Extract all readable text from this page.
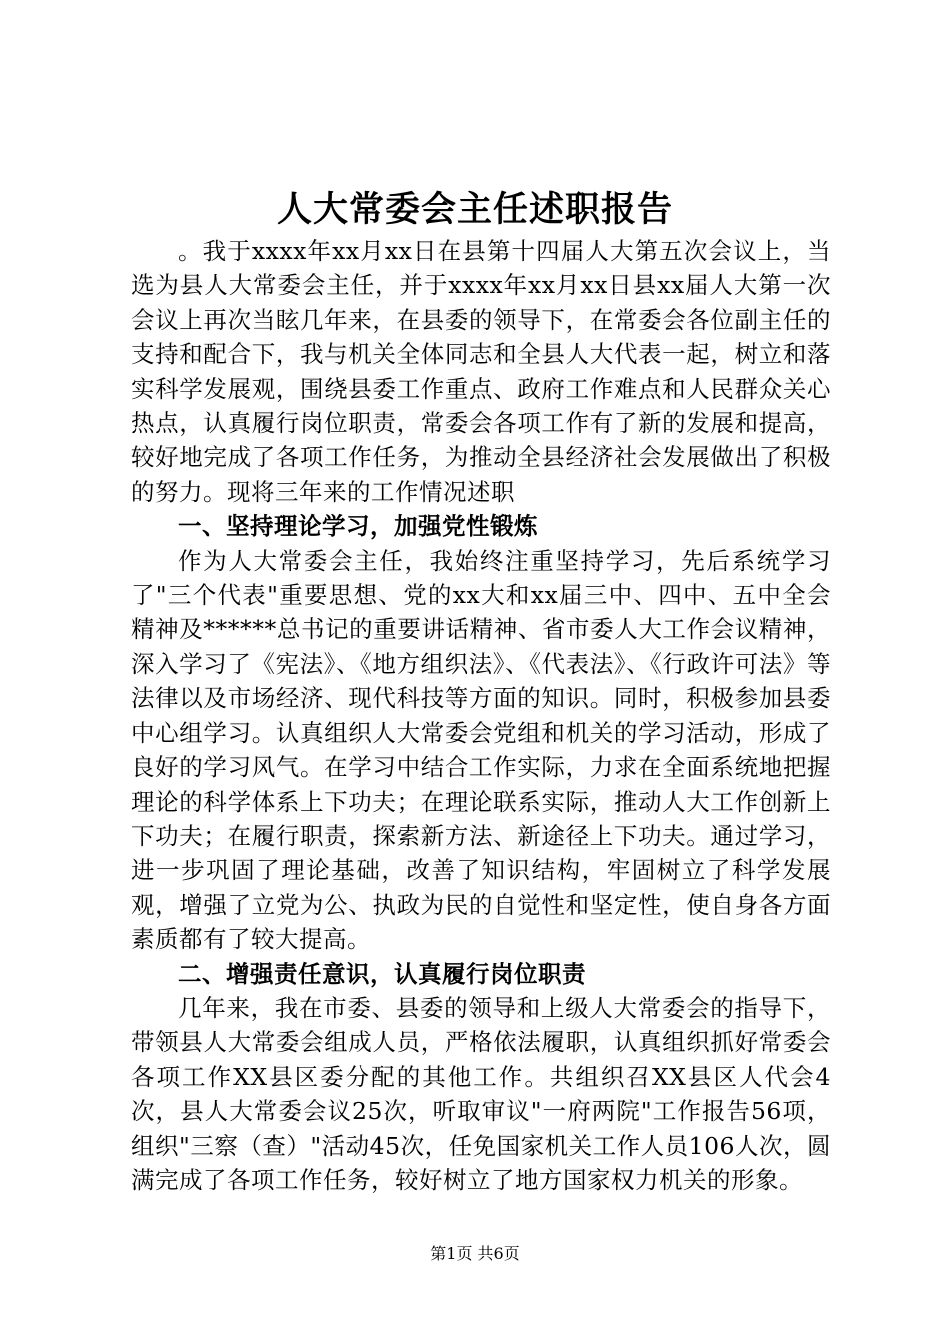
人大常委会主任述职报告

。我于xxxx年xx月xx日在县第十四届人大第五次会议上，当选为县人大常委会主任，并于xxxx年xx月xx日县xx届人大第一次会议上再次当眩几年来，在县委的领导下，在常委会各位副主任的支持和配合下，我与机关全体同志和全县人大代表一起，树立和落实科学发展观，围绕县委工作重点、政府工作难点和人民群众关心热点，认真履行岗位职责，常委会各项工作有了新的发展和提高，较好地完成了各项工作任务，为推动全县经济社会发展做出了积极的努力。现将三年来的工作情况述职

一、坚持理论学习，加强党性锻炼

作为人大常委会主任，我始终注重坚持学习，先后系统学习了"三个代表"重要思想、党的xx大和xx届三中、四中、五中全会精神及******总书记的重要讲话精神、省市委人大工作会议精神，深入学习了《宪法》、《地方组织法》、《代表法》、《行政许可法》等法律以及市场经济、现代科技等方面的知识。同时，积极参加县委中心组学习。认真组织人大常委会党组和机关的学习活动，形成了良好的学习风气。在学习中结合工作实际，力求在全面系统地把握理论的科学体系上下功夫；在理论联系实际，推动人大工作创新上下功夫；在履行职责，探索新方法、新途径上下功夫。通过学习，进一步巩固了理论基础，改善了知识结构，牢固树立了科学发展观，增强了立党为公、执政为民的自觉性和坚定性，使自身各方面素质都有了较大提高。

二、增强责任意识，认真履行岗位职责

几年来，我在市委、县委的领导和上级人大常委会的指导下，带领县人大常委会组成人员，严格依法履职，认真组织抓好常委会各项工作XX县区委分配的其他工作。共组织召XX县区人代会4次，县人大常委会议25次，听取审议"一府两院"工作报告56项，组织"三察（查）"活动45次，任免国家机关工作人员106人次，圆满完成了各项工作任务，较好树立了地方国家权力机关的形象。

第1页 共6页
